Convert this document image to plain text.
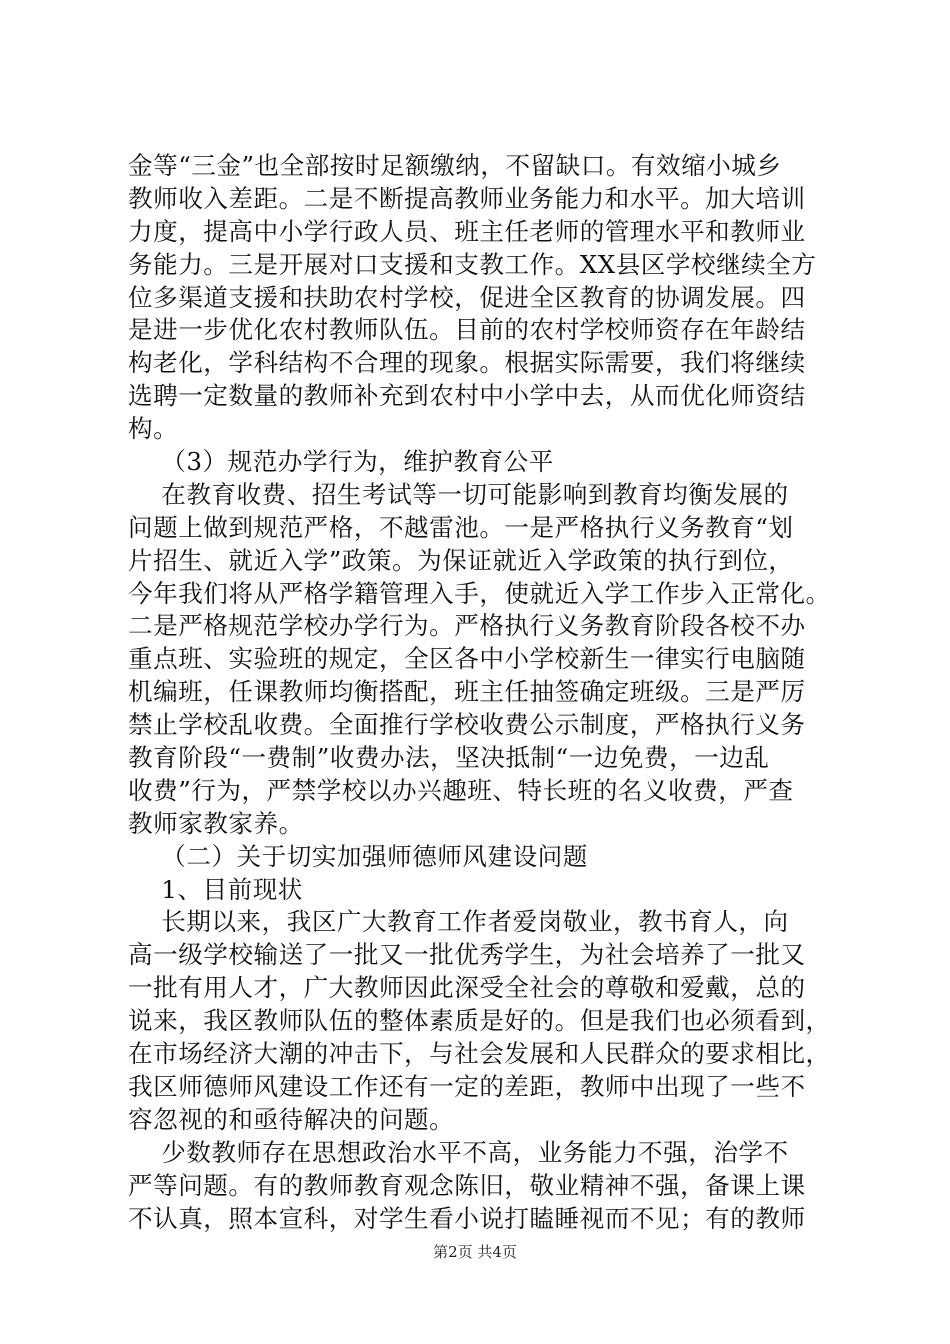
金等“三金”也全部按时足额缴纳，不留缺口。有效缩小城乡
教师收入差距。二是不断提高教师业务能力和水平。加大培训
力度，提高中小学行政人员、班主任老师的管理水平和教师业
务能力。三是开展对口支援和支教工作。XX县区学校继续全方
位多渠道支援和扶助农村学校，促进全区教育的协调发展。四
是进一步优化农村教师队伍。目前的农村学校师资存在年龄结
构老化，学科结构不合理的现象。根据实际需要，我们将继续
选聘一定数量的教师补充到农村中小学中去，从而优化师资结
构。
（3）规范办学行为，维护教育公平
在教育收费、招生考试等一切可能影响到教育均衡发展的
问题上做到规范严格，不越雷池。一是严格执行义务教育“划
片招生、就近入学”政策。为保证就近入学政策的执行到位，
今年我们将从严格学籍管理入手，使就近入学工作步入正常化。
二是严格规范学校办学行为。严格执行义务教育阶段各校不办
重点班、实验班的规定，全区各中小学校新生一律实行电脑随
机编班，任课教师均衡搭配，班主任抽签确定班级。三是严厉
禁止学校乱收费。全面推行学校收费公示制度，严格执行义务
教育阶段“一费制”收费办法，坚决抵制“一边免费，一边乱
收费”行为，严禁学校以办兴趣班、特长班的名义收费，严查
教师家教家养。
（二）关于切实加强师德师风建设问题
1、目前现状
长期以来，我区广大教育工作者爱岗敬业，教书育人，向
高一级学校输送了一批又一批优秀学生，为社会培养了一批又
一批有用人才，广大教师因此深受全社会的尊敬和爱戴，总的
说来，我区教师队伍的整体素质是好的。但是我们也必须看到，
在市场经济大潮的冲击下，与社会发展和人民群众的要求相比，
我区师德师风建设工作还有一定的差距，教师中出现了一些不
容忽视的和亟待解决的问题。
少数教师存在思想政治水平不高，业务能力不强，治学不
严等问题。有的教师教育观念陈旧，敬业精神不强，备课上课
不认真，照本宣科，对学生看小说打瞌睡视而不见；有的教师
第2页 共4页
